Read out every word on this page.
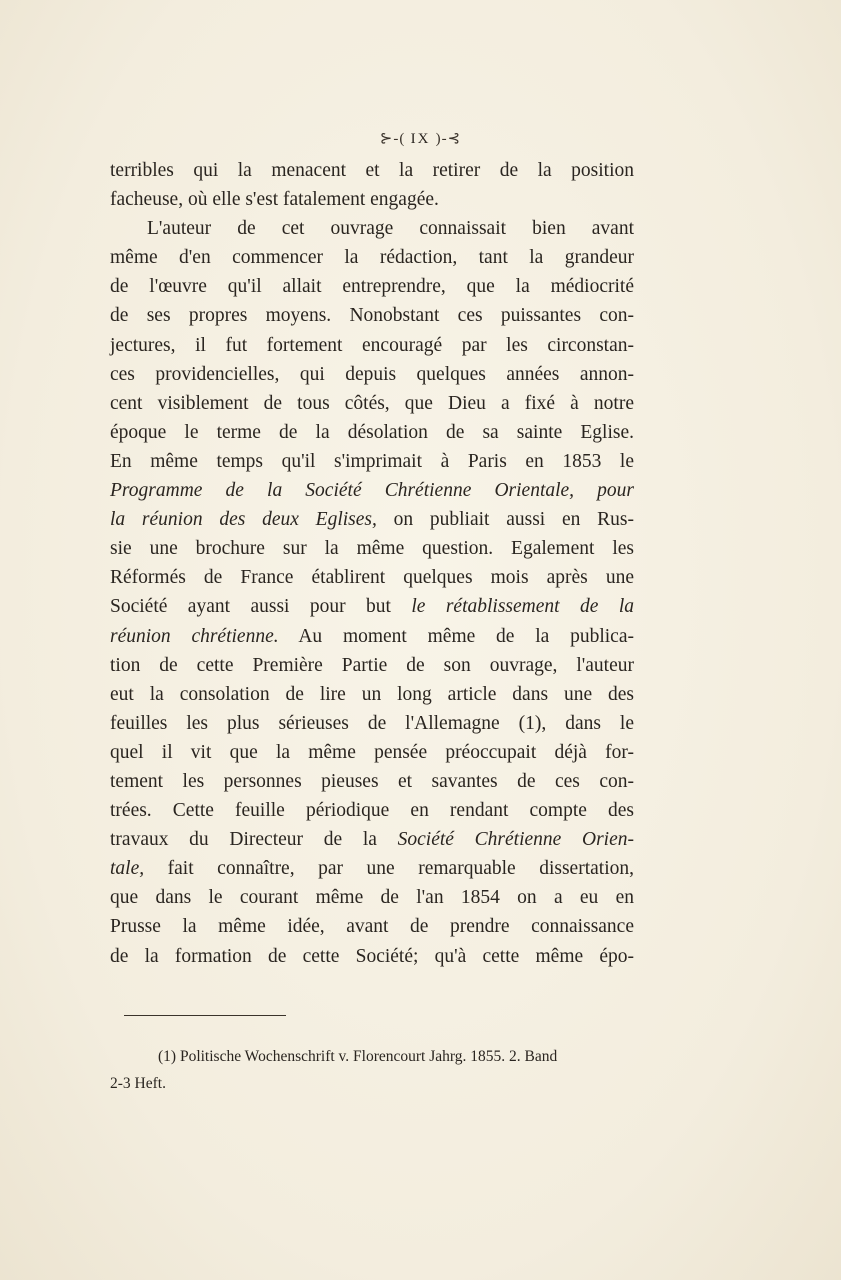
⊱-( IX )-⊰
terribles qui la menacent et la retirer de la position
facheuse, où elle s'est fatalement engagée.
L'auteur de cet ouvrage connaissait bien avant
même d'en commencer la rédaction, tant la grandeur
de l'œuvre qu'il allait entreprendre, que la médiocrité
de ses propres moyens. Nonobstant ces puissantes con-
jectures, il fut fortement encouragé par les circonstan-
ces providencielles, qui depuis quelques années annon-
cent visiblement de tous côtés, que Dieu a fixé à notre
époque le terme de la désolation de sa sainte Eglise.
En même temps qu'il s'imprimait à Paris en 1853 le
Programme de la Société Chrétienne Orientale, pour
la réunion des deux Eglises, on publiait aussi en Rus-
sie une brochure sur la même question. Egalement les
Réformés de France établirent quelques mois après une
Société ayant aussi pour but le rétablissement de la
réunion chrétienne. Au moment même de la publica-
tion de cette Première Partie de son ouvrage, l'auteur
eut la consolation de lire un long article dans une des
feuilles les plus sérieuses de l'Allemagne (1), dans le
quel il vit que la même pensée préoccupait déjà for-
tement les personnes pieuses et savantes de ces con-
trées. Cette feuille périodique en rendant compte des
travaux du Directeur de la Société Chrétienne Orien-
tale, fait connaître, par une remarquable dissertation,
que dans le courant même de l'an 1854 on a eu en
Prusse la même idée, avant de prendre connaissance
de la formation de cette Société; qu'à cette même épo-
(1) Politische Wochenschrift v. Florencourt Jahrg. 1855. 2. Band
2-3 Heft.
